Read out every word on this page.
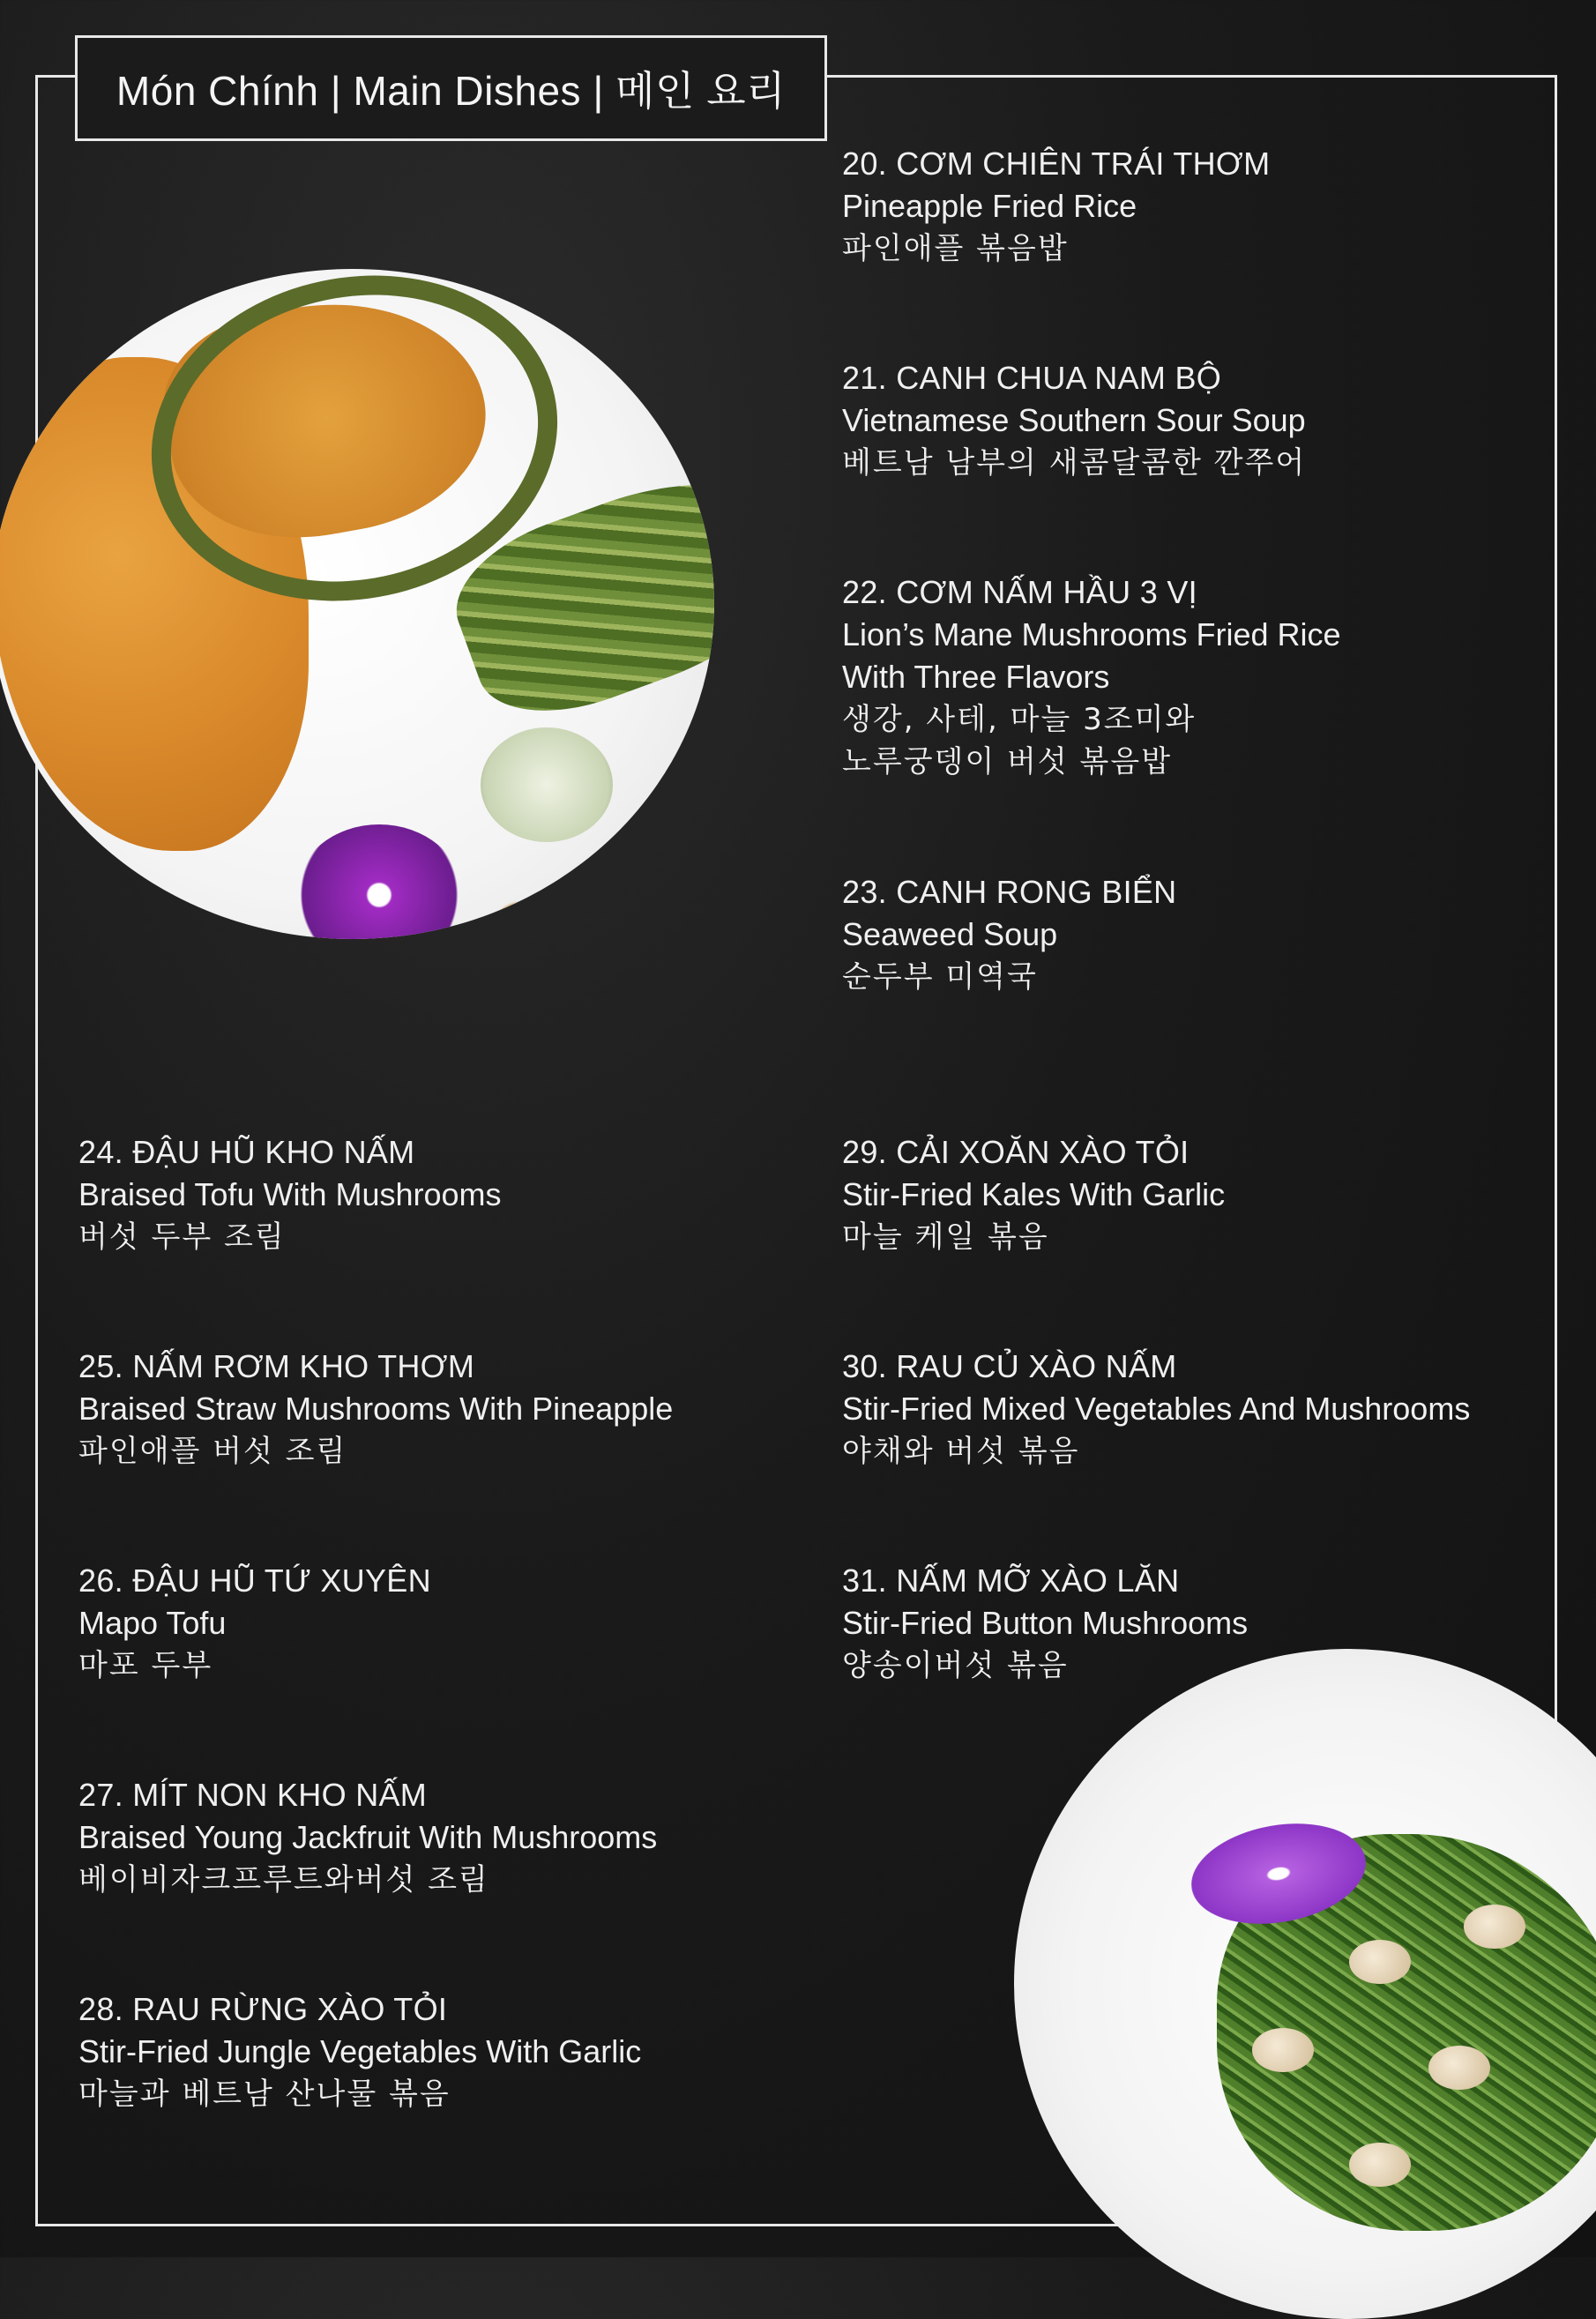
Món Chính | Main Dishes | 메인 요리
20. CƠM CHIÊN TRÁI THƠM
Pineapple Fried Rice
파인애플 볶음밥
21. CANH CHUA NAM BỘ
Vietnamese Southern Sour Soup
베트남 남부의 새콤달콤한 깐쭈어
22. CƠM NẤM HẦU 3 VỊ
Lion’s Mane Mushrooms Fried Rice
With Three Flavors
생강, 사테, 마늘 3조미와
노루궁뎅이 버섯 볶음밥
23. CANH RONG BIỂN
Seaweed Soup
순두부 미역국
24. ĐẬU HŨ KHO NẤM
Braised Tofu With Mushrooms
버섯 두부 조림
25. NẤM RƠM KHO THƠM
Braised Straw Mushrooms With Pineapple
파인애플 버섯 조림
26. ĐẬU HŨ TỨ XUYÊN
Mapo Tofu
마포 두부
27. MÍT NON KHO NẤM
Braised Young Jackfruit With Mushrooms
베이비자크프루트와버섯 조림
28. RAU RỪNG XÀO TỎI
Stir-Fried Jungle Vegetables With Garlic
마늘과 베트남 산나물 볶음
29. CẢI XOĂN XÀO TỎI
Stir-Fried Kales With Garlic
마늘 케일 볶음
30. RAU CỦ XÀO NẤM
Stir-Fried Mixed Vegetables And Mushrooms
야채와 버섯 볶음
31. NẤM MỠ XÀO LĂN
Stir-Fried Button Mushrooms
양송이버섯 볶음
